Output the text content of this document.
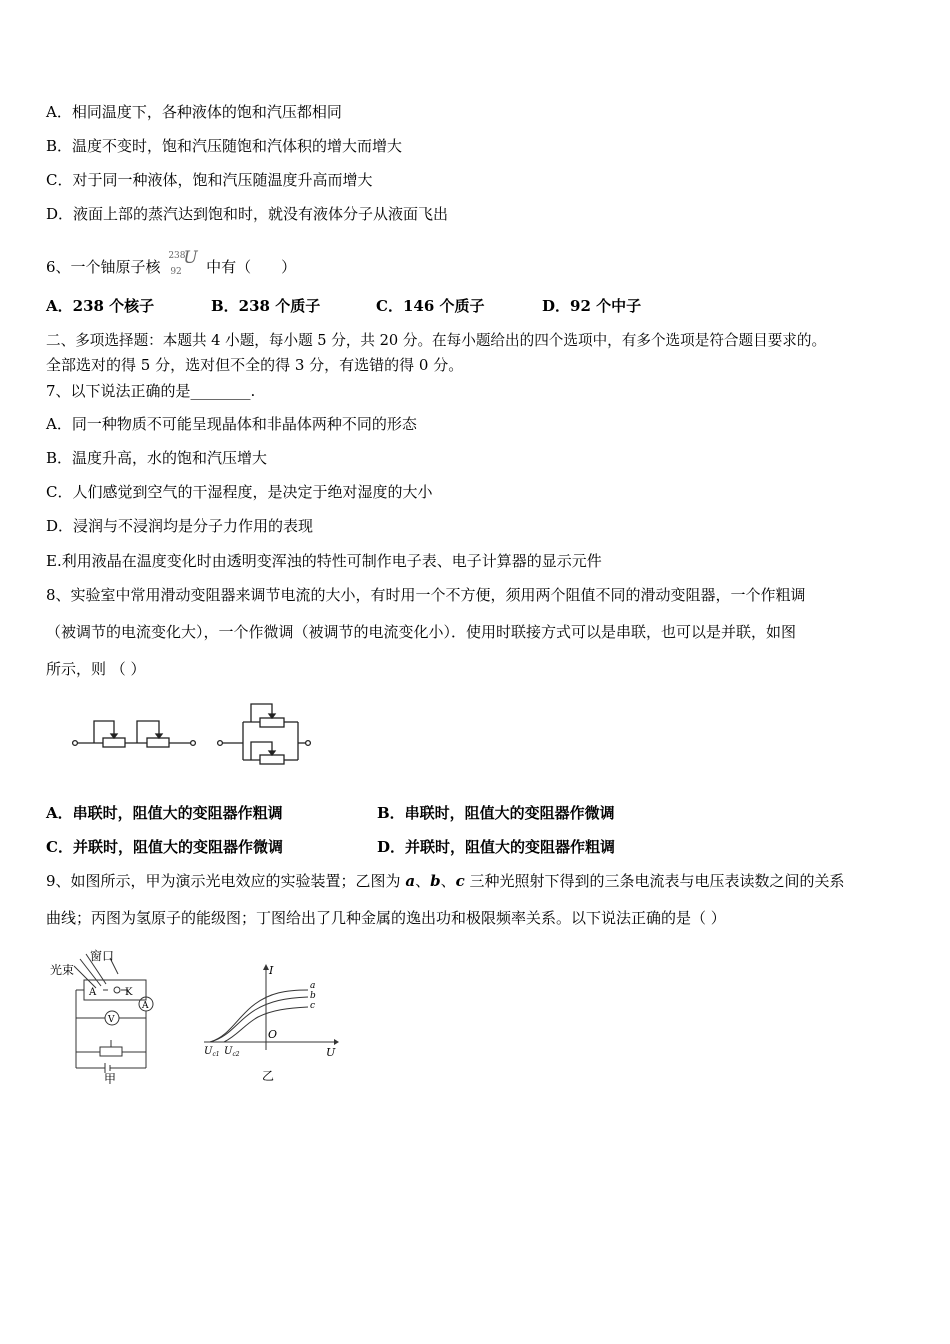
A．相同温度下，各种液体的饱和汽压都相同
B．温度不变时，饱和汽压随饱和汽体积的增大而增大
C．对于同一种液体，饱和汽压随温度升高而增大
D．液面上部的蒸汽达到饱和时，就没有液体分子从液面飞出
6、一个铀原子核
238
92
U 中有（　　）
A．238 个核子	B．238 个质子	C．146 个质子	D．92 个中子
二、多项选择题：本题共 4 小题，每小题 5 分，共 20 分。在每小题给出的四个选项中，有多个选项是符合题目要求的。
全部选对的得 5 分，选对但不全的得 3 分，有选错的得 0 分。
7、以下说法正确的是________.
A．同一种物质不可能呈现晶体和非晶体两种不同的形态
B．温度升高，水的饱和汽压增大
C．人们感觉到空气的干湿程度，是决定于绝对湿度的大小
D．浸润与不浸润均是分子力作用的表现
E.利用液晶在温度变化时由透明变浑浊的特性可制作电子表、电子计算器的显示元件
8、实验室中常用滑动变阻器来调节电流的大小，有时用一个不方便，须用两个阻值不同的滑动变阻器，一个作粗调
（被调节的电流变化大），一个作微调（被调节的电流变化小）．使用时联接方式可以是串联，也可以是并联，如图
所示，则 （ ）
A．串联时，阻值大的变阻器作粗调	B．串联时，阻值大的变阻器作微调
C．并联时，阻值大的变阻器作微调	D．并联时，阻值大的变阻器作粗调
9、如图所示，甲为演示光电效应的实验装置；乙图为 a、b、c 三种光照射下得到的三条电流表与电压表读数之间的关系
曲线；丙图为氢原子的能级图；丁图给出了几种金属的逸出功和极限频率关系。以下说法正确的是（ ）
窗口
光束
A	K
A
V
甲
I
U
O
a
b
c
$U_{c1}$ $U_{c2}$
乙
